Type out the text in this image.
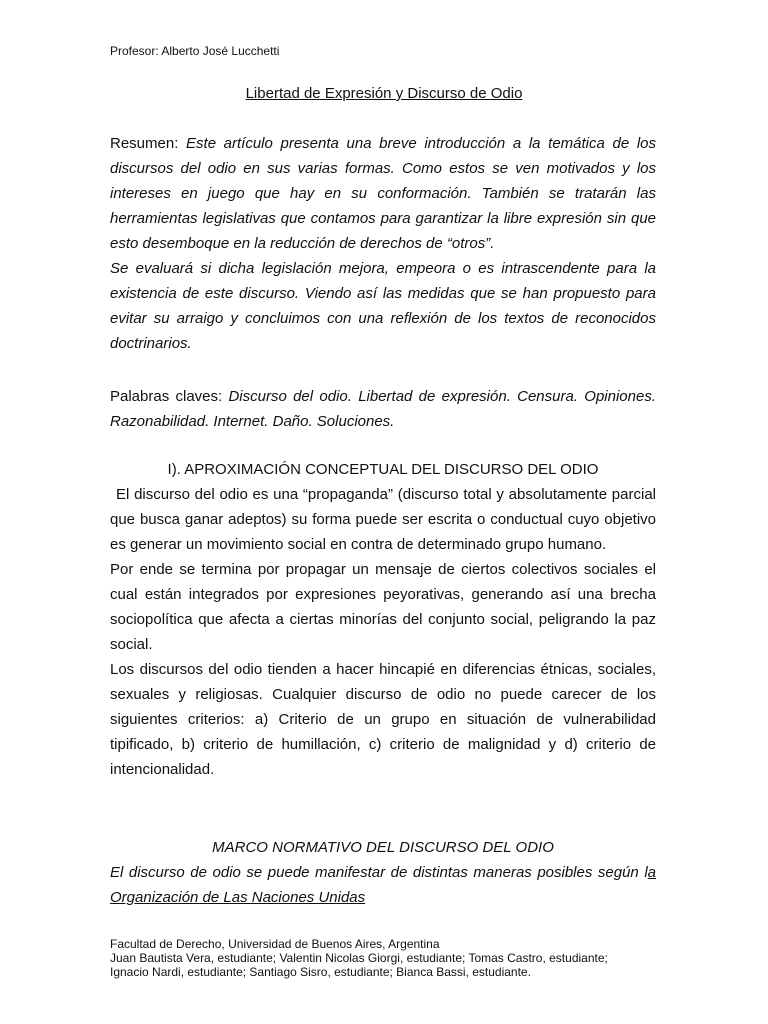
Profesor: Alberto José Lucchetti
Libertad de Expresión y Discurso de Odio

Resumen: Este artículo presenta una breve introducción a la temática de los discursos del odio en sus varias formas. Como estos se ven motivados y los intereses en juego que hay en su conformación. También se tratarán las herramientas legislativas que contamos para garantizar la libre expresión sin que esto desemboque en la reducción de derechos de “otros”.

Se evaluará si dicha legislación mejora, empeora o es intrascendente para la existencia de este discurso. Viendo así las medidas que se han propuesto para evitar su arraigo y concluimos con una reflexión de los textos de reconocidos doctrinarios.

Palabras claves: Discurso del odio. Libertad de expresión. Censura. Opiniones. Razonabilidad. Internet. Daño. Soluciones.

I). APROXIMACIÓN CONCEPTUAL DEL DISCURSO DEL ODIO

El discurso del odio es una “propaganda” (discurso total y absolutamente parcial que busca ganar adeptos) su forma puede ser escrita o conductual cuyo objetivo es generar un movimiento social en contra de determinado grupo humano.

Por ende se termina por propagar un mensaje de ciertos colectivos sociales el cual están integrados por expresiones peyorativas, generando así una brecha sociopolítica que afecta a ciertas minorías del conjunto social, peligrando la paz social.

Los discursos del odio tienden a hacer hincapié en diferencias étnicas, sociales, sexuales y religiosas. Cualquier discurso de odio no puede carecer de los siguientes criterios: a) Criterio de un grupo en situación de vulnerabilidad tipificado, b) criterio de humillación, c) criterio de malignidad y d) criterio de intencionalidad.

MARCO NORMATIVO DEL DISCURSO DEL ODIO

El discurso de odio se puede manifestar de distintas maneras posibles según la Organización de Las Naciones Unidas

Facultad de Derecho, Universidad de Buenos Aires, Argentina
Juan Bautista Vera, estudiante; Valentin Nicolas Giorgi, estudiante; Tomas Castro, estudiante;
Ignacio Nardi, estudiante; Santiago Sisro, estudiante; Bianca Bassi, estudiante.
